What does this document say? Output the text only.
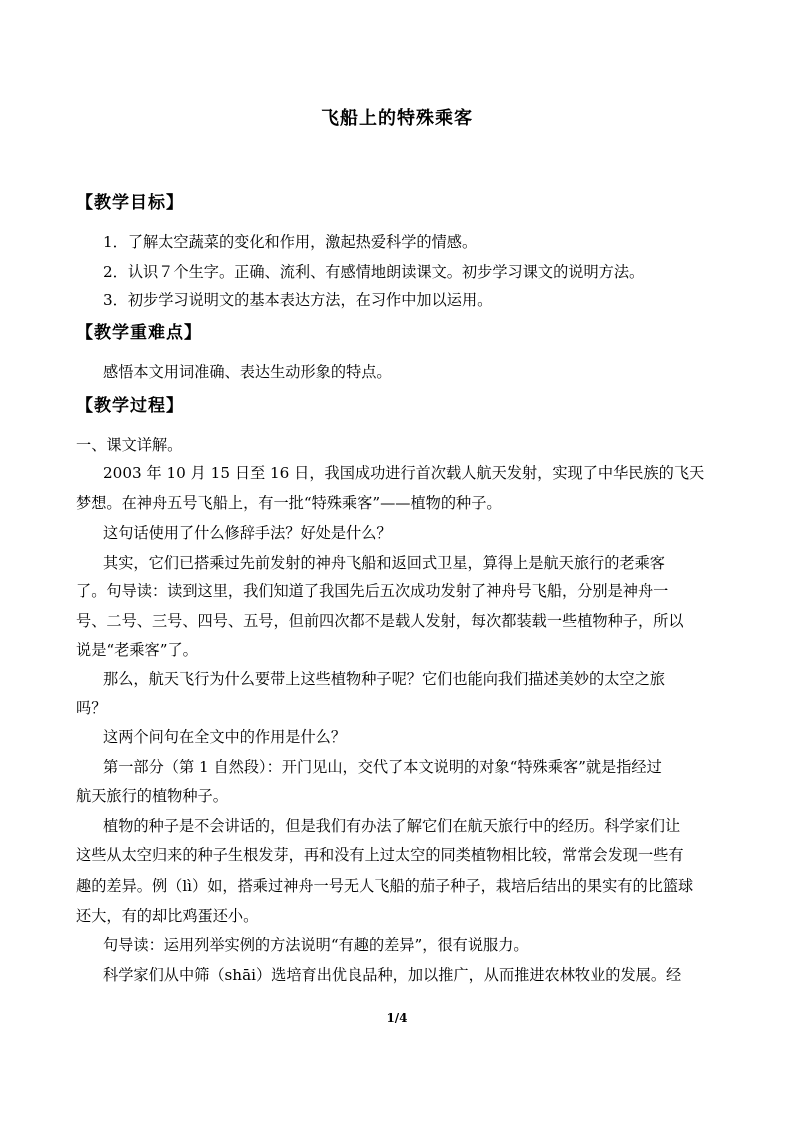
飞船上的特殊乘客
【教学目标】
1．了解太空蔬菜的变化和作用，激起热爱科学的情感。
2．认识７个生字。正确、流利、有感情地朗读课文。初步学习课文的说明方法。
3．初步学习说明文的基本表达方法，在习作中加以运用。
【教学重难点】
感悟本文用词准确、表达生动形象的特点。
【教学过程】
一、课文详解。
2003 年 10 月 15 日至 16 日，我国成功进行首次载人航天发射，实现了中华民族的飞天
梦想。在神舟五号飞船上，有一批“特殊乘客”——植物的种子。
这句话使用了什么修辞手法？好处是什么？
其实，它们已搭乘过先前发射的神舟飞船和返回式卫星，算得上是航天旅行的老乘客
了。句导读：读到这里，我们知道了我国先后五次成功发射了神舟号飞船，分别是神舟一
号、二号、三号、四号、五号，但前四次都不是载人发射，每次都装载一些植物种子，所以
说是“老乘客”了。
那么，航天飞行为什么要带上这些植物种子呢？它们也能向我们描述美妙的太空之旅
吗？
这两个问句在全文中的作用是什么？
第一部分（第 1 自然段）：开门见山，交代了本文说明的对象“特殊乘客”就是指经过
航天旅行的植物种子。
植物的种子是不会讲话的，但是我们有办法了解它们在航天旅行中的经历。科学家们让
这些从太空归来的种子生根发芽，再和没有上过太空的同类植物相比较，常常会发现一些有
趣的差异。例（lì）如，搭乘过神舟一号无人飞船的茄子种子，栽培后结出的果实有的比篮球
还大，有的却比鸡蛋还小。
句导读：运用列举实例的方法说明“有趣的差异”，很有说服力。
科学家们从中筛（shāi）选培育出优良品种，加以推广，从而推进农林牧业的发展。经
1/4
